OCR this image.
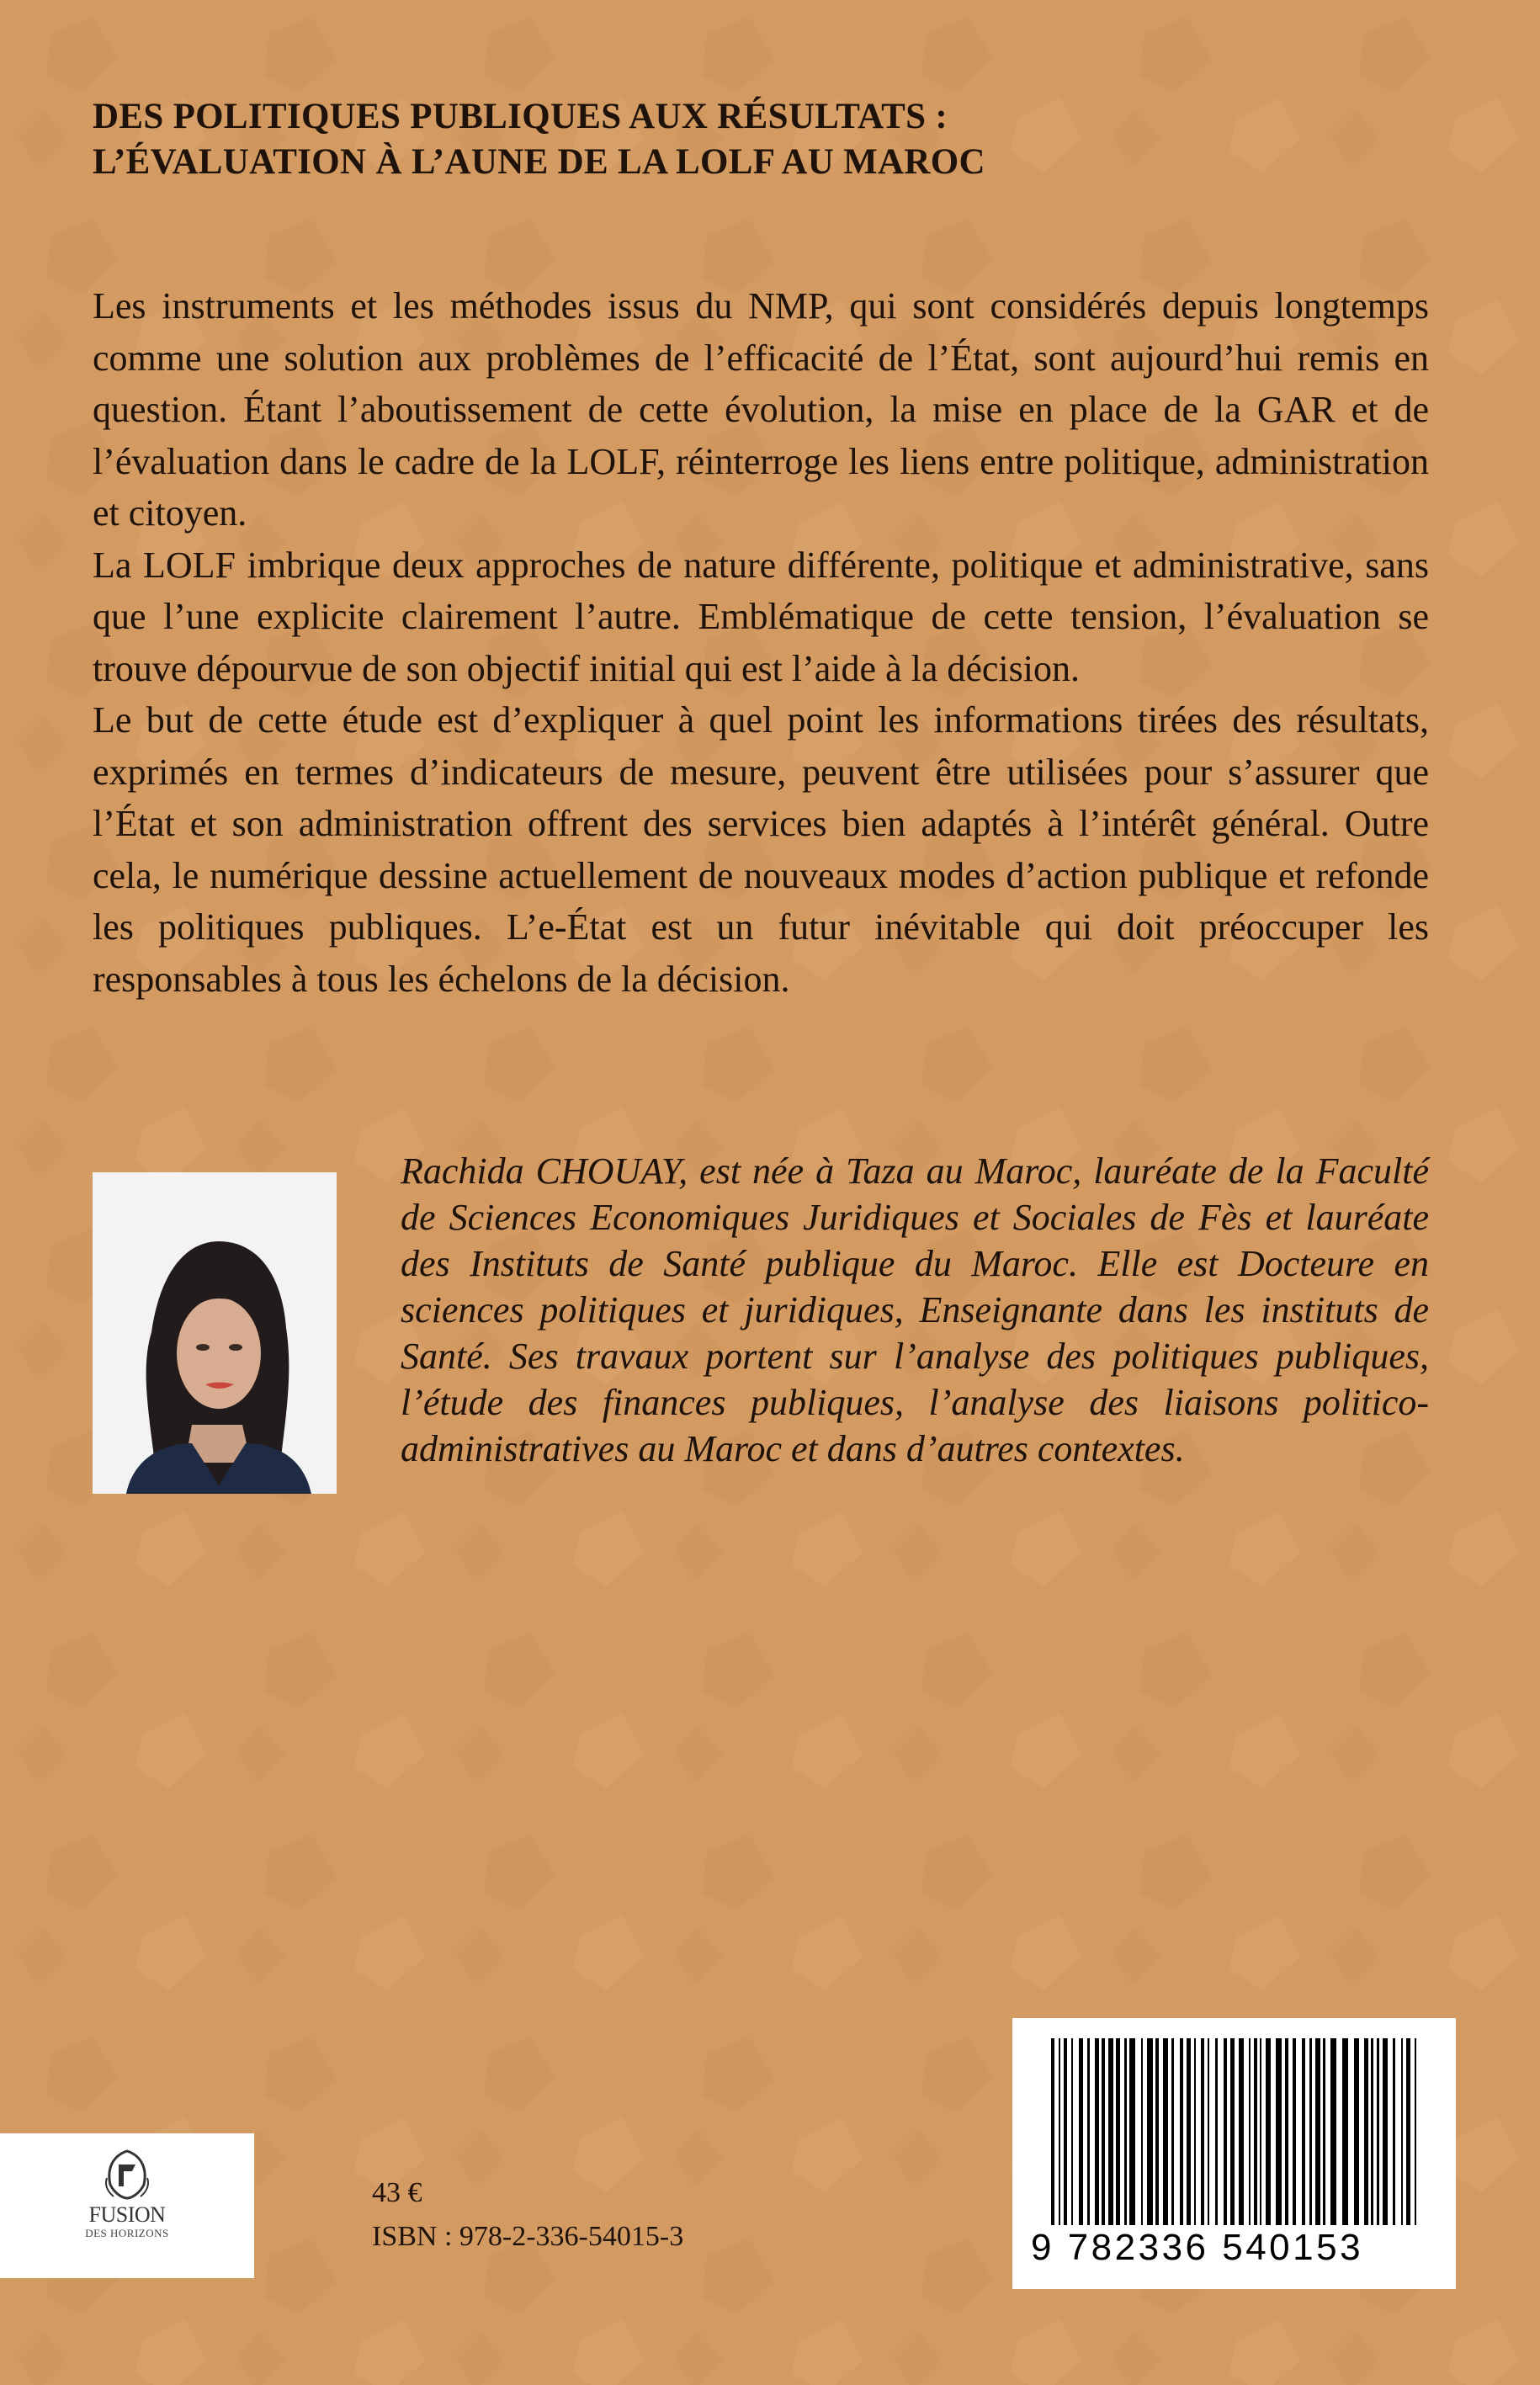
DES POLITIQUES PUBLIQUES AUX RÉSULTATS :
L’ÉVALUATION À L’AUNE DE LA LOLF AU MAROC

Les instruments et les méthodes issus du NMP, qui sont considérés depuis longtemps comme une solution aux problèmes de l’efficacité de l’État, sont aujourd’hui remis en question. Étant l’aboutissement de cette évolution, la mise en place de la GAR et de l’évaluation dans le cadre de la LOLF, réinterroge les liens entre politique, administration et citoyen.

La LOLF imbrique deux approches de nature différente, politique et administrative, sans que l’une explicite clairement l’autre. Emblématique de cette tension, l’évaluation se trouve dépourvue de son objectif initial qui est l’aide à la décision.

Le but de cette étude est d’expliquer à quel point les informations tirées des résultats, exprimés en termes d’indicateurs de mesure, peuvent être utilisées pour s’assurer que l’État et son administration offrent des services bien adaptés à l’intérêt général. Outre cela, le numérique dessine actuellement de nouveaux modes d’action publique et refonde les politiques publiques. L’e-État est un futur inévitable qui doit préoccuper les responsables à tous les échelons de la décision.

Rachida CHOUAY, est née à Taza au Maroc, lauréate de la Faculté de Sciences Economiques Juridiques et Sociales de Fès et lauréate des Instituts de Santé publique du Maroc. Elle est Docteure en sciences politiques et juridiques, Enseignante dans les instituts de Santé. Ses travaux portent sur l’analyse des politiques publiques, l’étude des finances publiques, l’analyse des liaisons politico-administratives au Maroc et dans d’autres contextes.
FUSION
DES HORIZONS
43 €
ISBN : 978-2-336-54015-3	9 782336 540153
